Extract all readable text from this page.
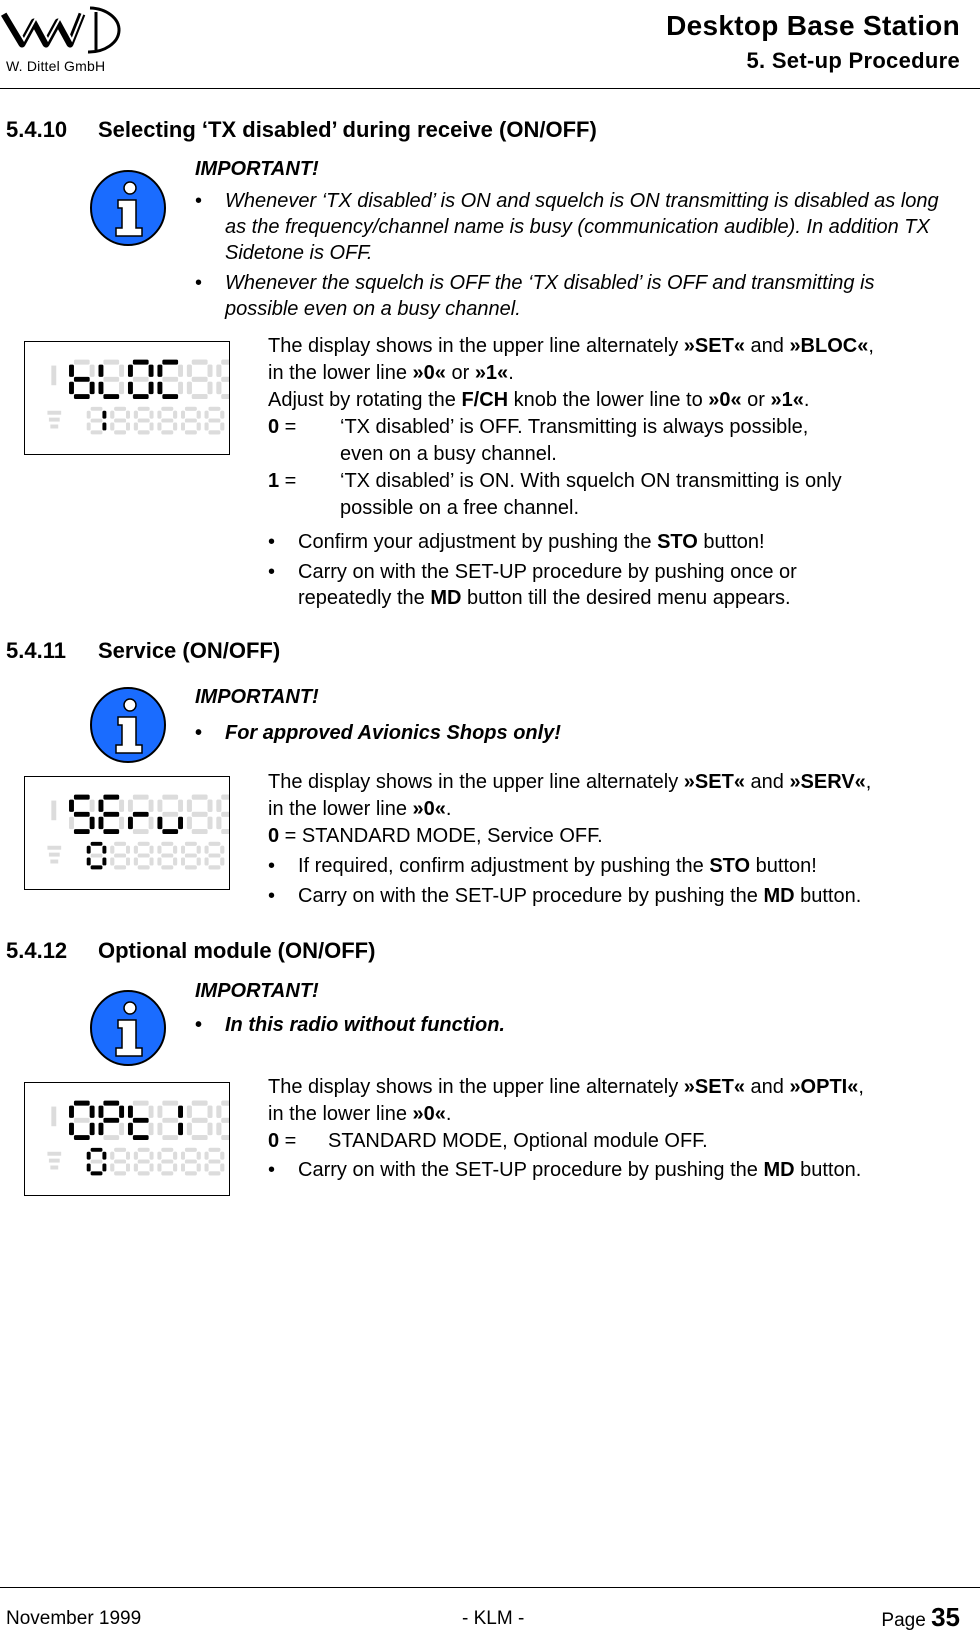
W. Dittel GmbH
Desktop Base Station
5. Set-up Procedure
5.4.10 Selecting ‘TX disabled’ during receive (ON/OFF)
IMPORTANT!
• Whenever ‘TX disabled’ is ON and squelch is ON transmitting is disabled as long as the frequency/channel name is busy (communication audible). In addition TX Sidetone is OFF.
• Whenever the squelch is OFF the ‘TX disabled’ is OFF and transmitting is possible even on a busy channel.
The display shows in the upper line alternately »SET« and »BLOC«,
in the lower line »0« or »1«.
Adjust by rotating the F/CH knob the lower line to »0« or »1«.
0 = ‘TX disabled’ is OFF. Transmitting is always possible,
even on a busy channel.
1 = ‘TX disabled’ is ON. With squelch ON transmitting is only
possible on a free channel.
• Confirm your adjustment by pushing the STO button!
• Carry on with the SET-UP procedure by pushing once or
repeatedly the MD button till the desired menu appears.
5.4.11 Service (ON/OFF)
IMPORTANT!
• For approved Avionics Shops only!
The display shows in the upper line alternately »SET« and »SERV«,
in the lower line »0«.
0 = STANDARD MODE, Service OFF.
• If required, confirm adjustment by pushing the STO button!
• Carry on with the SET-UP procedure by pushing the MD button.
5.4.12 Optional module (ON/OFF)
IMPORTANT!
• In this radio without function.
The display shows in the upper line alternately »SET« and »OPTI«,
in the lower line »0«.
0 = STANDARD MODE, Optional module OFF.
• Carry on with the SET-UP procedure by pushing the MD button.
November 1999	- KLM -	Page 35
